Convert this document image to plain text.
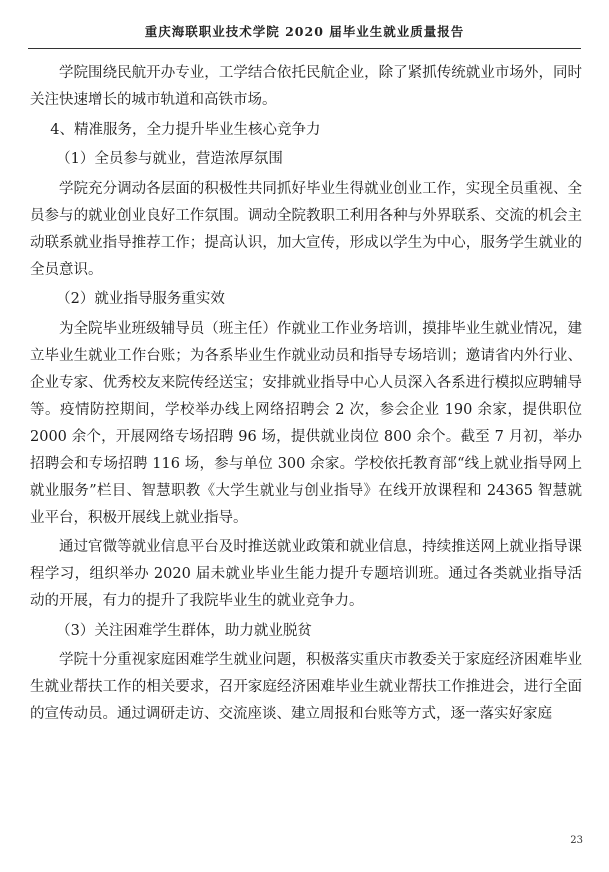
重庆海联职业技术学院 2020 届毕业生就业质量报告

学院围绕民航开办专业，工学结合依托民航企业，除了紧抓传统就业市场外，同时关注快速增长的城市轨道和高铁市场。

4、精准服务，全力提升毕业生核心竞争力

（1）全员参与就业，营造浓厚氛围

学院充分调动各层面的积极性共同抓好毕业生得就业创业工作，实现全员重视、全员参与的就业创业良好工作氛围。调动全院教职工利用各种与外界联系、交流的机会主动联系就业指导推荐工作；提高认识，加大宣传，形成以学生为中心，服务学生就业的全员意识。

（2）就业指导服务重实效

为全院毕业班级辅导员（班主任）作就业工作业务培训，摸排毕业生就业情况，建立毕业生就业工作台账；为各系毕业生作就业动员和指导专场培训；邀请省内外行业、企业专家、优秀校友来院传经送宝；安排就业指导中心人员深入各系进行模拟应聘辅导等。疫情防控期间，学校举办线上网络招聘会 2 次，参会企业 190 余家，提供职位 2000 余个，开展网络专场招聘 96 场，提供就业岗位 800 余个。截至 7 月初，举办招聘会和专场招聘 116 场，参与单位 300 余家。学校依托教育部“线上就业指导网上就业服务”栏目、智慧职教《大学生就业与创业指导》在线开放课程和 24365 智慧就业平台，积极开展线上就业指导。

通过官微等就业信息平台及时推送就业政策和就业信息，持续推送网上就业指导课程学习，组织举办 2020 届未就业毕业生能力提升专题培训班。通过各类就业指导活动的开展，有力的提升了我院毕业生的就业竞争力。

（3）关注困难学生群体，助力就业脱贫

学院十分重视家庭困难学生就业问题，积极落实重庆市教委关于家庭经济困难毕业生就业帮扶工作的相关要求，召开家庭经济困难毕业生就业帮扶工作推进会，进行全面的宣传动员。通过调研走访、交流座谈、建立周报和台账等方式，逐一落实好家庭

23
